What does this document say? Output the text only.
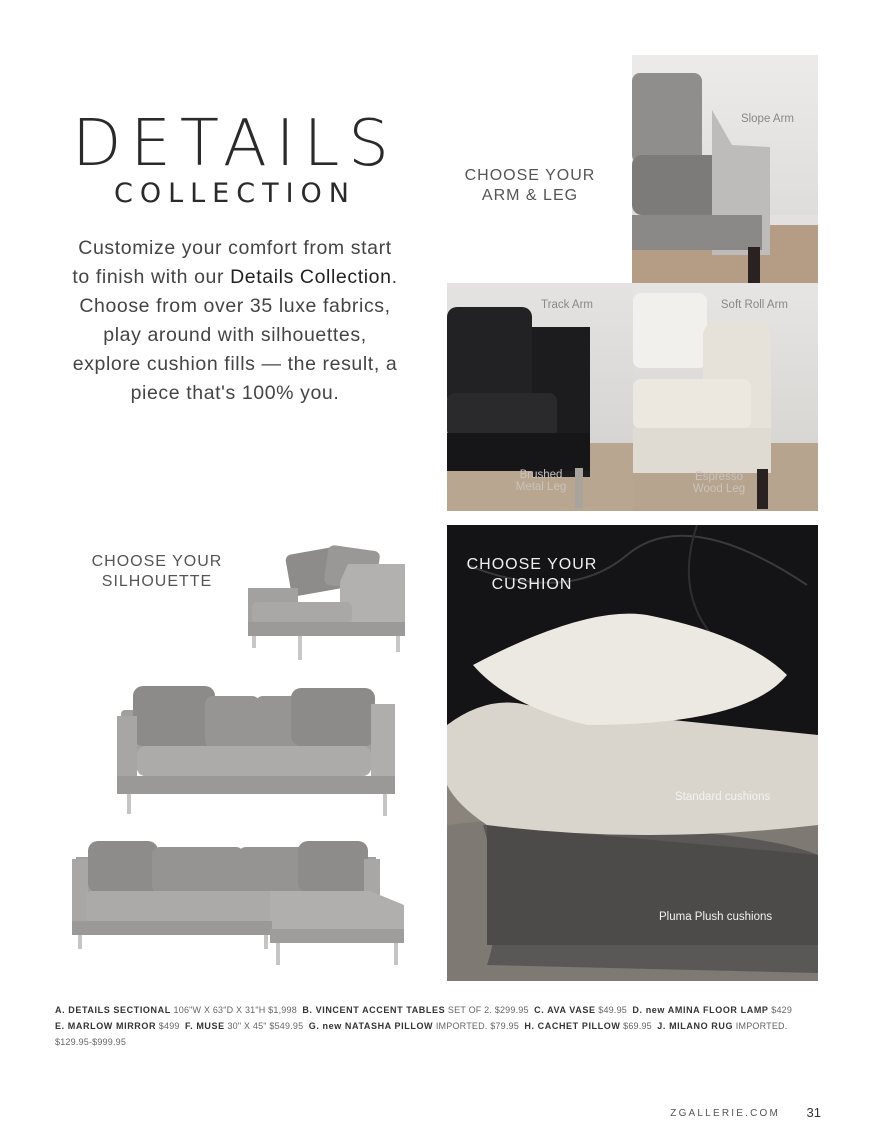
DETAILS
COLLECTION
Customize your comfort from start to finish with our Details Collection. Choose from over 35 luxe fabrics, play around with silhouettes, explore cushion fills — the result, a piece that's 100% you.
CHOOSE YOUR
ARM & LEG
Slope Arm
Track Arm
Brushed
Metal Leg
Soft Roll Arm
Espresso
Wood Leg
CHOOSE YOUR
SILHOUETTE
CHOOSE YOUR
CUSHION
Standard cushions
Pluma Plush cushions
A. DETAILS SECTIONAL 106"W X 63"D X 31"H $1,998 B. VINCENT ACCENT TABLES SET OF 2. $299.95 C. AVA VASE $49.95 D. new AMINA FLOOR LAMP $429
E. MARLOW MIRROR $499 F. MUSE 30" X 45" $549.95 G. new NATASHA PILLOW IMPORTED. $79.95 H. CACHET PILLOW $69.95 J. MILANO RUG IMPORTED. $129.95-$999.95
ZGALLERIE.COM 31
